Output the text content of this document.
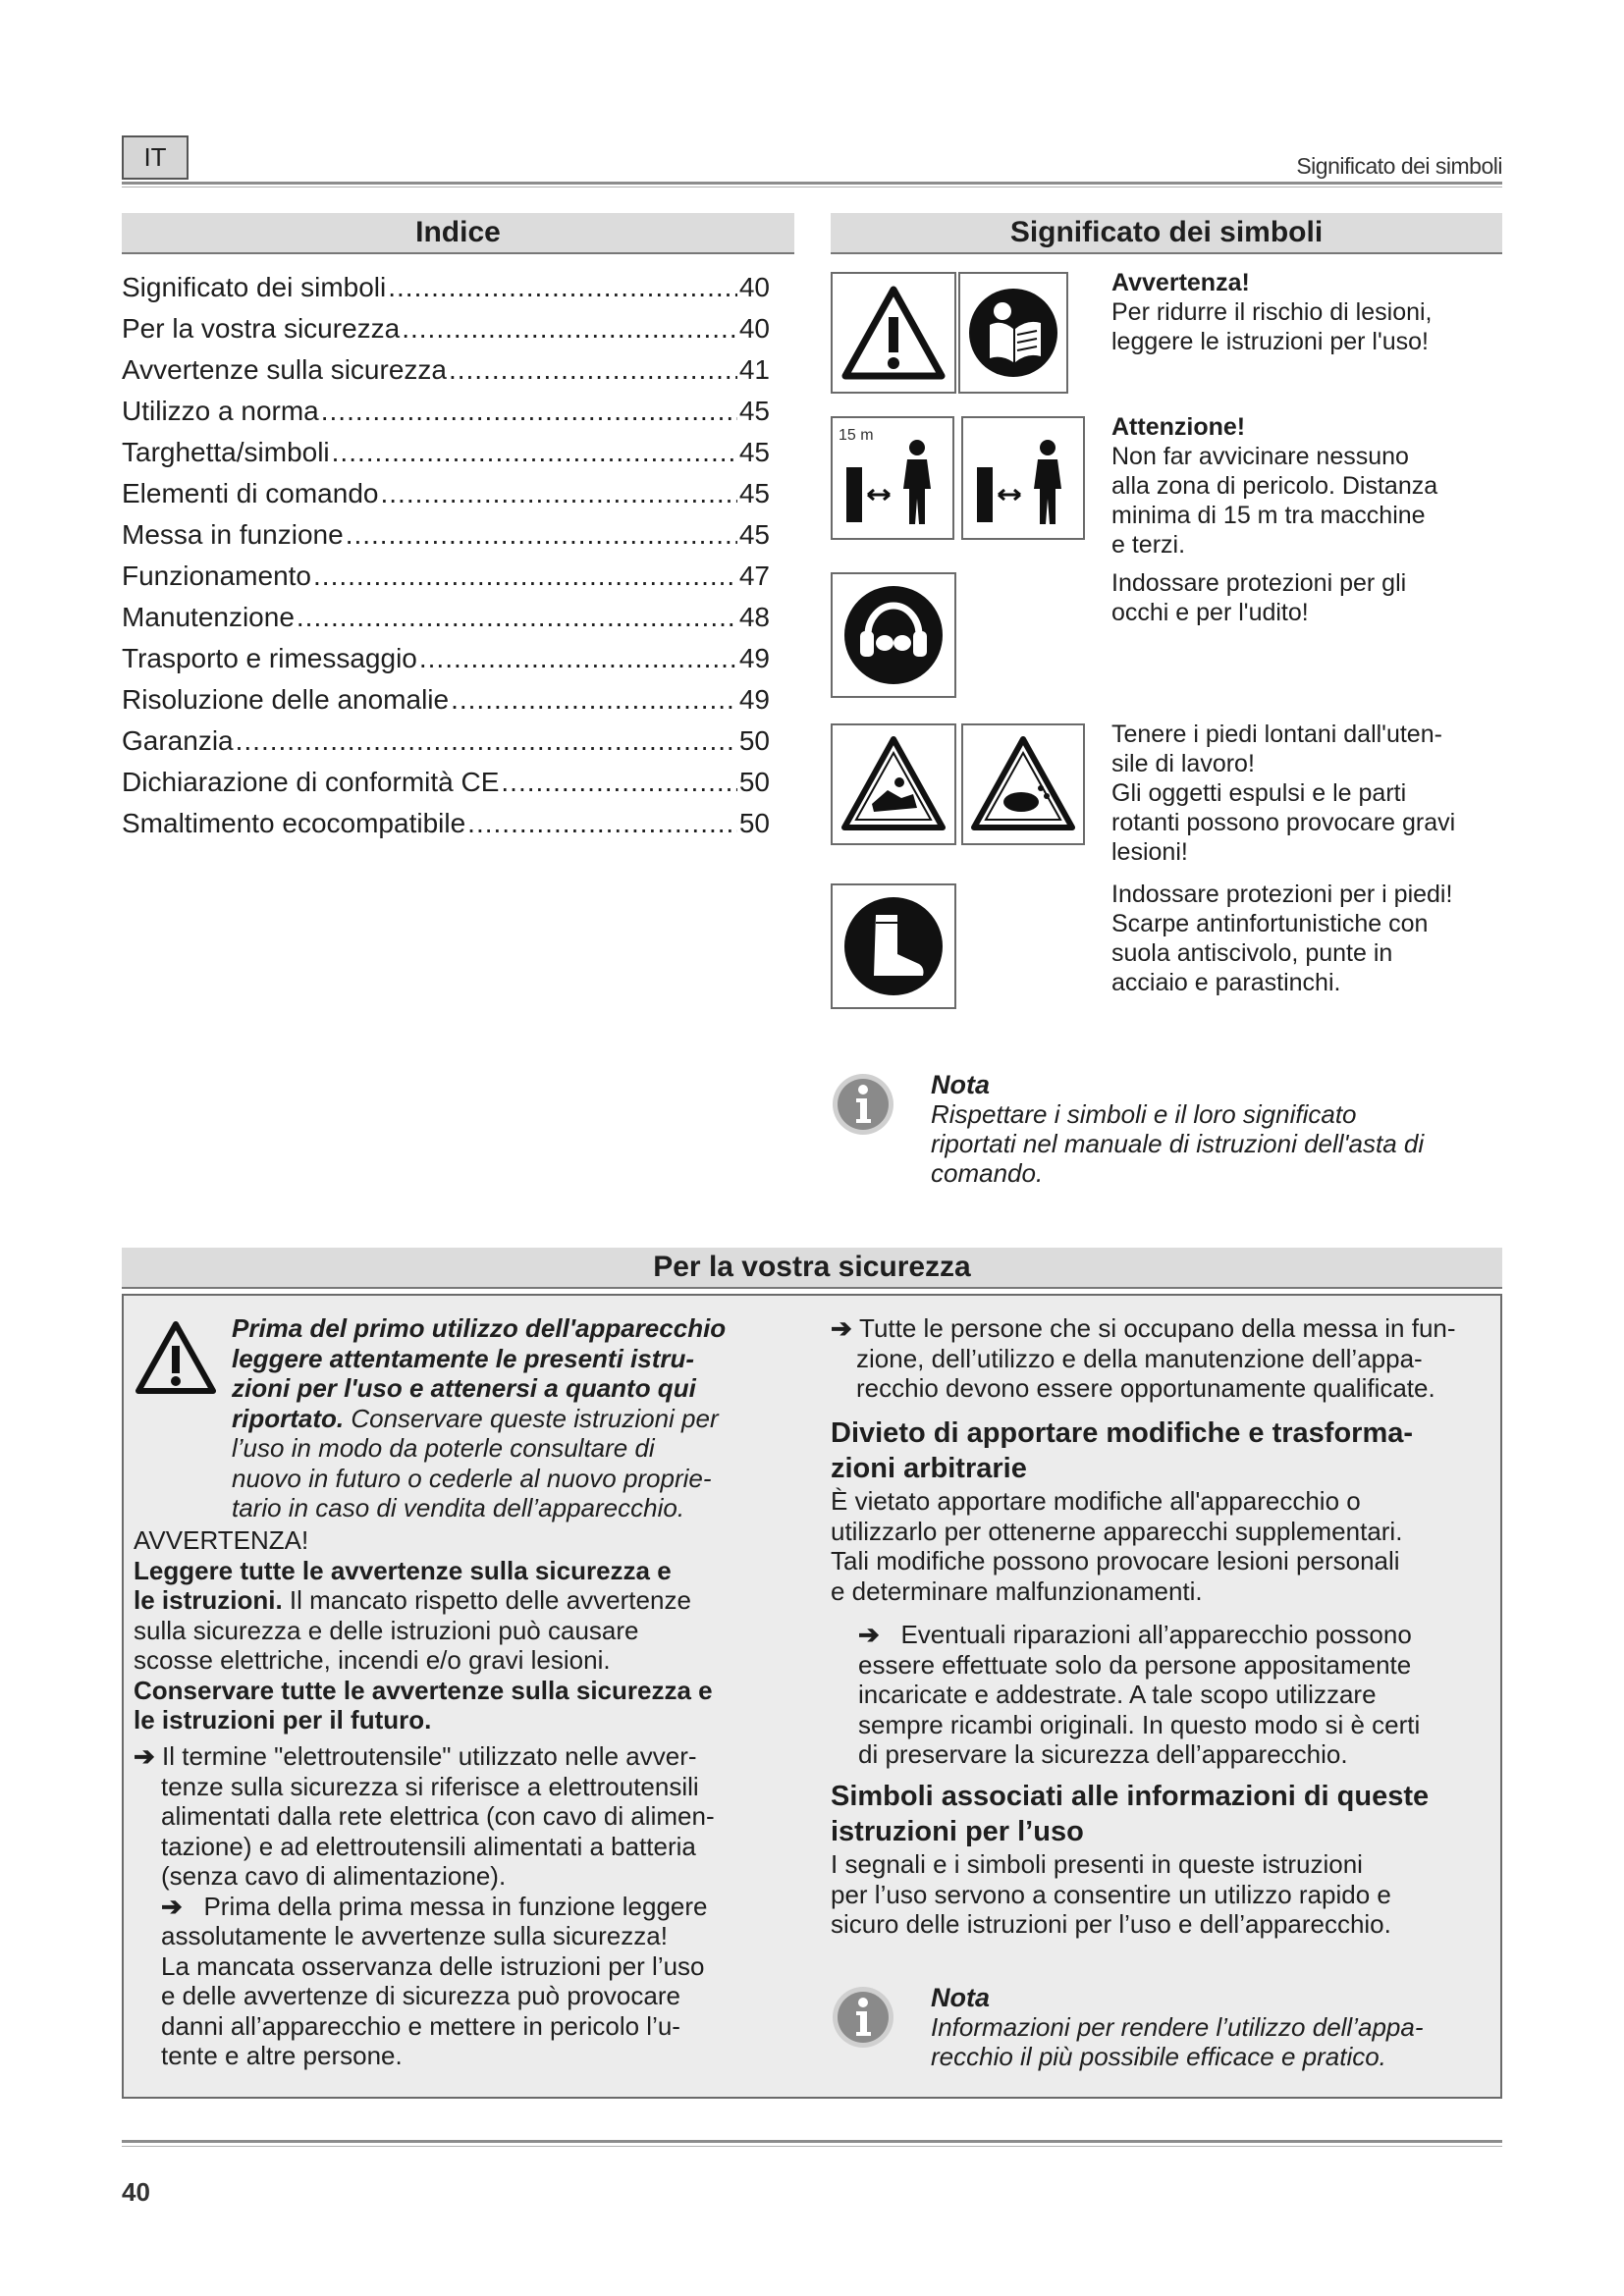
IT	Significato dei simboli
Indice
Significato dei simboli .....	40
Per la vostra sicurezza .....	40
Avvertenze sulla sicurezza .....	41
Utilizzo a norma .....	45
Targhetta/simboli .....	45
Elementi di comando .....	45
Messa in funzione .....	45
Funzionamento .....	47
Manutenzione .....	48
Trasporto e rimessaggio .....	49
Risoluzione delle anomalie .....	49
Garanzia .....	50
Dichiarazione di conformità CE .....	50
Smaltimento ecocompatibile .....	50
Significato dei simboli
Avvertenza!
Per ridurre il rischio di lesioni,
leggere le istruzioni per l'uso!
15 m	Attenzione!
Non far avvicinare nessuno
alla zona di pericolo. Distanza
minima di 15 m tra macchine
e terzi.
Indossare protezioni per gli
occhi e per l'udito!
Tenere i piedi lontani dall'uten-
sile di lavoro!
Gli oggetti espulsi e le parti
rotanti possono provocare gravi
lesioni!
Indossare protezioni per i piedi!
Scarpe antinfortunistiche con
suola antiscivolo, punte in
acciaio e parastinchi.
Nota
Rispettare i simboli e il loro significato
riportati nel manuale di istruzioni dell'asta di
comando.
Per la vostra sicurezza
Prima del primo utilizzo dell'apparecchio
leggere attentamente le presenti istru-
zioni per l'uso e attenersi a quanto qui
riportato. Conservare queste istruzioni per
l’uso in modo da poterle consultare di
nuovo in futuro o cederle al nuovo proprie-
tario in caso di vendita dell’apparecchio.
AVVERTENZA!
Leggere tutte le avvertenze sulla sicurezza e
le istruzioni. Il mancato rispetto delle avvertenze
sulla sicurezza e delle istruzioni può causare
scosse elettriche, incendi e/o gravi lesioni.
Conservare tutte le avvertenze sulla sicurezza e
le istruzioni per il futuro.
➔ Il termine "elettroutensile" utilizzato nelle avver-
tenze sulla sicurezza si riferisce a elettroutensili
alimentati dalla rete elettrica (con cavo di alimen-
tazione) e ad elettroutensili alimentati a batteria
(senza cavo di alimentazione).
➔ Prima della prima messa in funzione leggere
assolutamente le avvertenze sulla sicurezza!
La mancata osservanza delle istruzioni per l’uso
e delle avvertenze di sicurezza può provocare
danni all’apparecchio e mettere in pericolo l’u-
tente e altre persone.
➔ Tutte le persone che si occupano della messa in fun-
zione, dell’utilizzo e della manutenzione dell’appa-
recchio devono essere opportunamente qualificate.
Divieto di apportare modifiche e trasforma-
zioni arbitrarie
È vietato apportare modifiche all'apparecchio o
utilizzarlo per ottenerne apparecchi supplementari.
Tali modifiche possono provocare lesioni personali
e determinare malfunzionamenti.
➔ Eventuali riparazioni all’apparecchio possono
essere effettuate solo da persone appositamente
incaricate e addestrate. A tale scopo utilizzare
sempre ricambi originali. In questo modo si è certi
di preservare la sicurezza dell’apparecchio.
Simboli associati alle informazioni di queste
istruzioni per l’uso
I segnali e i simboli presenti in queste istruzioni
per l’uso servono a consentire un utilizzo rapido e
sicuro delle istruzioni per l’uso e dell’apparecchio.
Nota
Informazioni per rendere l’utilizzo dell’appa-
recchio il più possibile efficace e pratico.
40
